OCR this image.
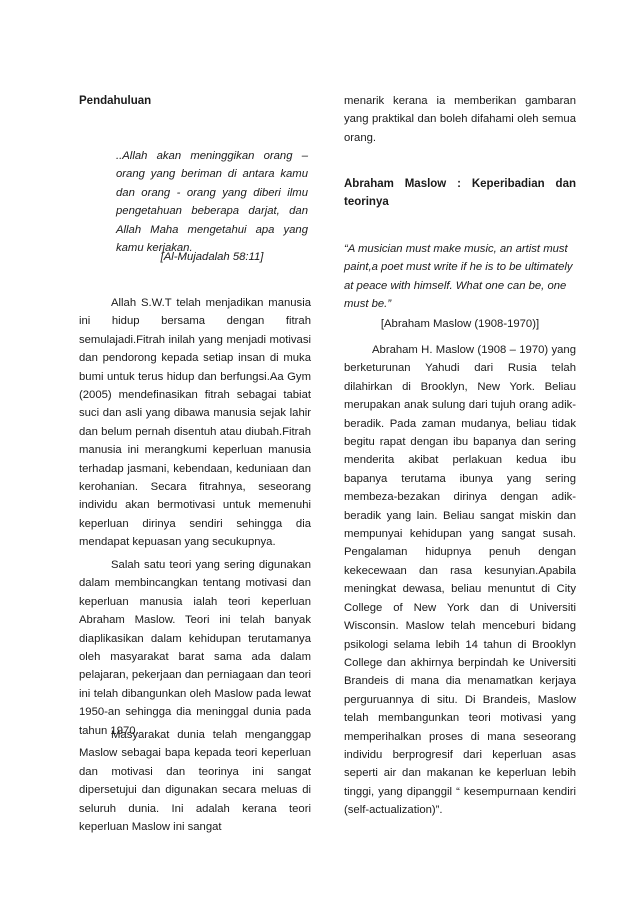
Pendahuluan

..Allah akan meninggikan orang – orang yang beriman di antara kamu dan orang - orang yang diberi ilmu pengetahuan beberapa darjat, dan Allah Maha mengetahui apa yang kamu kerjakan.

[Al-Mujadalah 58:11]

Allah S.W.T telah menjadikan manusia ini hidup bersama dengan fitrah semulajadi.Fitrah inilah yang menjadi motivasi dan pendorong kepada setiap insan di muka bumi untuk terus hidup dan berfungsi.Aa Gym (2005) mendefinasikan fitrah sebagai tabiat suci dan asli yang dibawa manusia sejak lahir dan belum pernah disentuh atau diubah.Fitrah manusia ini merangkumi keperluan manusia terhadap jasmani, kebendaan, keduniaan dan kerohanian. Secara fitrahnya, seseorang individu akan bermotivasi untuk memenuhi keperluan dirinya sendiri sehingga dia mendapat kepuasan yang secukupnya.

Salah satu teori yang sering digunakan dalam membincangkan tentang motivasi dan keperluan manusia ialah teori keperluan Abraham Maslow. Teori ini telah banyak diaplikasikan dalam kehidupan terutamanya oleh masyarakat barat sama ada dalam pelajaran, pekerjaan dan perniagaan dan teori ini telah dibangunkan oleh Maslow pada lewat 1950-an sehingga dia meninggal dunia pada tahun 1970.

Masyarakat dunia telah menganggap Maslow sebagai bapa kepada teori keperluan dan motivasi dan teorinya ini sangat dipersetujui dan digunakan secara meluas di seluruh dunia. Ini adalah kerana teori keperluan Maslow ini sangat

menarik kerana ia memberikan gambaran yang praktikal dan boleh difahami oleh semua orang.

Abraham Maslow : Keperibadian dan teorinya

“A musician must make music, an artist must paint,a poet must write if he is to be ultimately at peace with himself. What one can be, one must be.”

[Abraham Maslow (1908-1970)]

Abraham H. Maslow (1908 – 1970) yang berketurunan Yahudi dari Rusia telah dilahirkan di Brooklyn, New York. Beliau merupakan anak sulung dari tujuh orang adik-beradik. Pada zaman mudanya, beliau tidak begitu rapat dengan ibu bapanya dan sering menderita akibat perlakuan kedua ibu bapanya terutama ibunya yang sering membeza-bezakan dirinya dengan adik-beradik yang lain. Beliau sangat miskin dan mempunyai kehidupan yang sangat susah. Pengalaman hidupnya penuh dengan kekecewaan dan rasa kesunyian.Apabila meningkat dewasa, beliau menuntut di City College of New York dan di Universiti Wisconsin. Maslow telah menceburi bidang psikologi selama lebih 14 tahun di Brooklyn College dan akhirnya berpindah ke Universiti Brandeis di mana dia menamatkan kerjaya perguruannya di situ. Di Brandeis, Maslow telah membangunkan teori motivasi yang memperihalkan proses di mana seseorang individu berprogresif dari keperluan asas seperti air dan makanan ke keperluan lebih tinggi, yang dipanggil “ kesempurnaan kendiri (self-actualization)”.
